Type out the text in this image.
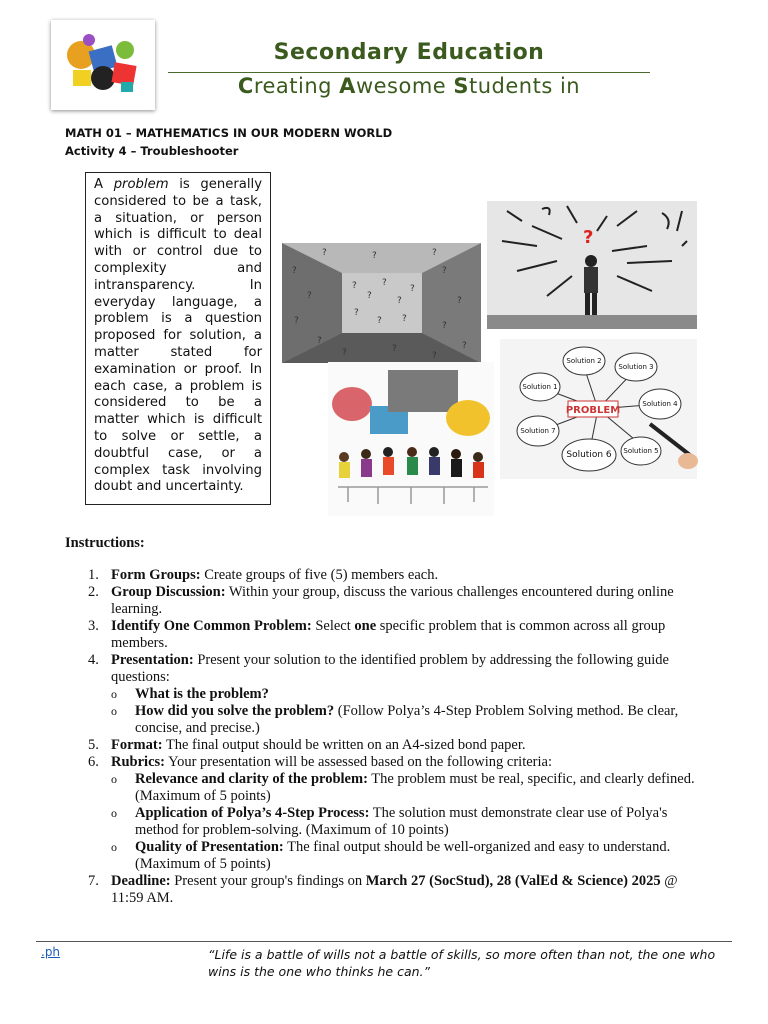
Secondary Education
Creating Awesome Students in
MATH 01 – MATHEMATICS IN OUR MODERN WORLD
Activity 4 – Troubleshooter

A problem is generally considered to be a task, a situation, or person which is difficult to deal with or control due to complexity and intransparency. In everyday language, a problem is a question proposed for solution, a matter stated for examination or proof. In each case, a problem is considered to be a matter which is difficult to solve or settle, a doubtful case, or a complex task involving doubt and uncertainty.

?
?
?
?
?
?
? ?
?
?
?
?
?
?
?
?
?	?	?
?	?
?
?
PROBLEM
Solution 1
Solution 2
Solution 3
Solution 4
Solution 5
Solution 6
Solution 7
Instructions:
1. Form Groups: Create groups of five (5) members each.
2. Group Discussion: Within your group, discuss the various challenges encountered during online learning.
3. Identify One Common Problem: Select one specific problem that is common across all group members.
4. Presentation: Present your solution to the identified problem by addressing the following guide questions:
o What is the problem?
o How did you solve the problem? (Follow Polya’s 4-Step Problem Solving method. Be clear, concise, and precise.)
5. Format: The final output should be written on an A4-sized bond paper.
6. Rubrics: Your presentation will be assessed based on the following criteria:
o Relevance and clarity of the problem: The problem must be real, specific, and clearly defined. (Maximum of 5 points)
o Application of Polya’s 4-Step Process: The solution must demonstrate clear use of Polya's method for problem-solving. (Maximum of 10 points)
o Quality of Presentation: The final output should be well-organized and easy to understand. (Maximum of 5 points)
7. Deadline: Present your group's findings on March 27 (SocStud), 28 (ValEd & Science) 2025 @ 11:59 AM.
.ph	“Life is a battle of wills not a battle of skills, so more often than not, the one who wins is the one who thinks he can.”
